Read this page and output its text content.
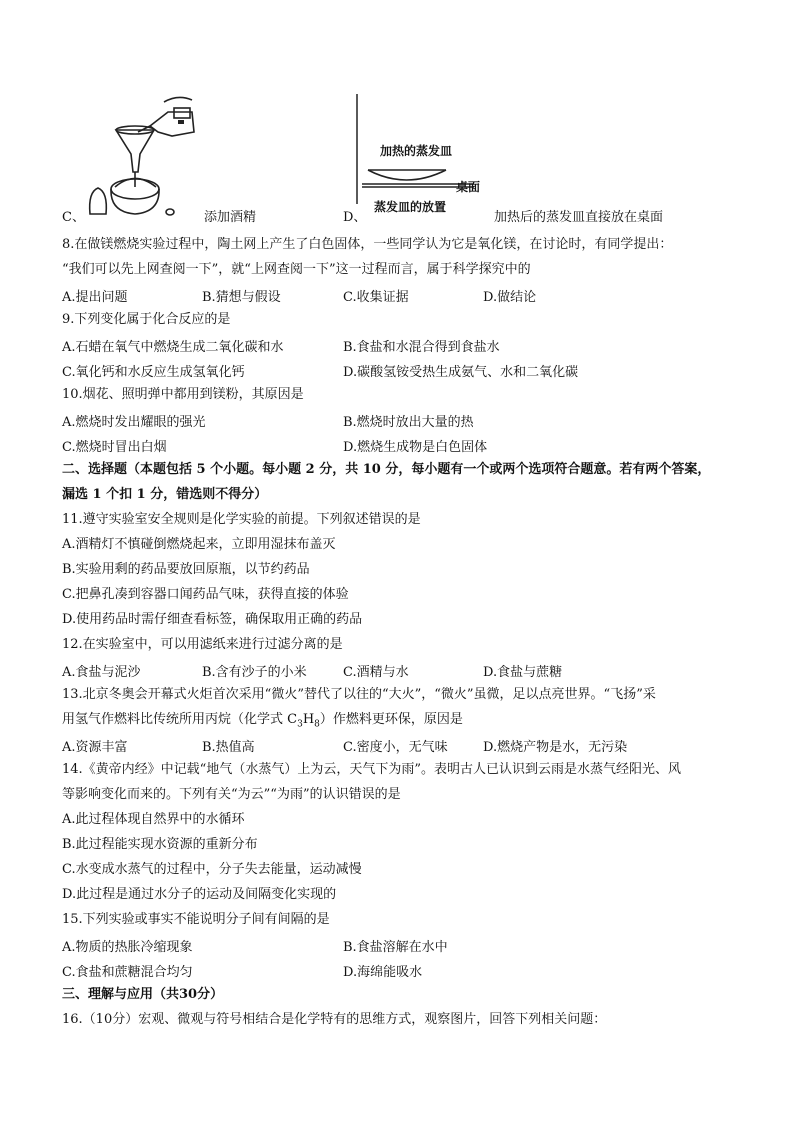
C、	添加酒精
加热的蒸发皿
桌面
蒸发皿的放置
D、	加热后的蒸发皿直接放在桌面
8.在做镁燃烧实验过程中，陶土网上产生了白色固体，一些同学认为它是氧化镁，在讨论时，有同学提出：
“我们可以先上网查阅一下”，就“上网查阅一下”这一过程而言，属于科学探究中的
A.提出问题	B.猜想与假设	C.收集证据	D.做结论
9.下列变化属于化合反应的是
A.石蜡在氧气中燃烧生成二氧化碳和水	B.食盐和水混合得到食盐水
C.氧化钙和水反应生成氢氧化钙	D.碳酸氢铵受热生成氨气、水和二氧化碳
10.烟花、照明弹中都用到镁粉，其原因是
A.燃烧时发出耀眼的强光	B.燃烧时放出大量的热
C.燃烧时冒出白烟	D.燃烧生成物是白色固体
二、选择题（本题包括 5 个小题。每小题 2 分，共 10 分，每小题有一个或两个选项符合题意。若有两个答案，
漏选 1 个扣 1 分，错选则不得分）
11.遵守实验室安全规则是化学实验的前提。下列叙述错误的是
A.酒精灯不慎碰倒燃烧起来，立即用湿抹布盖灭
B.实验用剩的药品要放回原瓶，以节约药品
C.把鼻孔凑到容器口闻药品气味，获得直接的体验
D.使用药品时需仔细查看标签，确保取用正确的药品
12.在实验室中，可以用滤纸来进行过滤分离的是
A.食盐与泥沙	B.含有沙子的小米	C.酒精与水	D.食盐与蔗糖
13.北京冬奥会开幕式火炬首次采用“微火”替代了以往的“大火”，“微火”虽微，足以点亮世界。“飞扬”采
用氢气作燃料比传统所用丙烷（化学式 $C_3H_8$）作燃料更环保，原因是
A.资源丰富	B.热值高	C.密度小，无气味	D.燃烧产物是水，无污染
14.《黄帝内经》中记载“地气（水蒸气）上为云，天气下为雨”。表明古人已认识到云雨是水蒸气经阳光、风
等影响变化而来的。下列有关“为云”“为雨”的认识错误的是
A.此过程体现自然界中的水循环
B.此过程能实现水资源的重新分布
C.水变成水蒸气的过程中，分子失去能量，运动减慢
D.此过程是通过水分子的运动及间隔变化实现的
15.下列实验或事实不能说明分子间有间隔的是
A.物质的热胀冷缩现象	B.食盐溶解在水中
C.食盐和蔗糖混合均匀	D.海绵能吸水
三、理解与应用（共30分）
16.（10分）宏观、微观与符号相结合是化学特有的思维方式，观察图片，回答下列相关问题：
